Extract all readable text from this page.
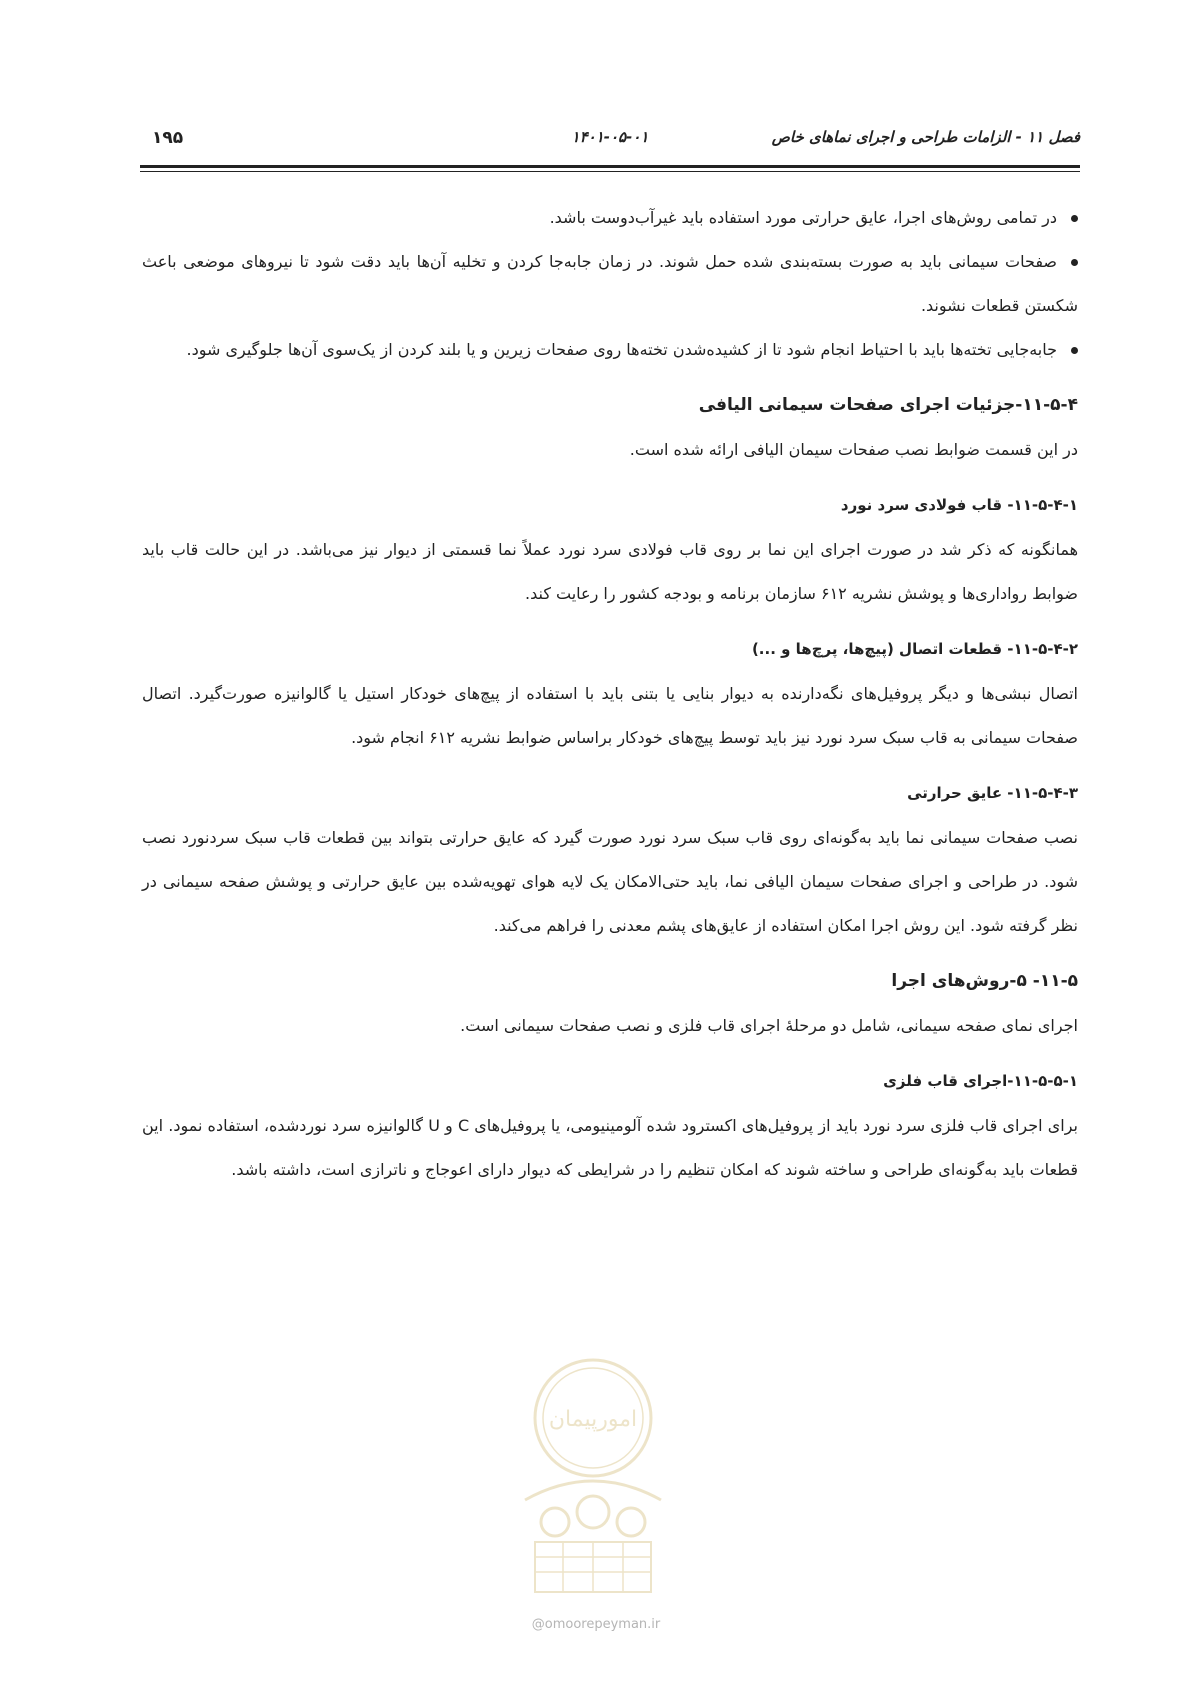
فصل ۱۱ - الزامات طراحی و اجرای نماهای خاص
۱۴۰۱-۰۵-۰۱
۱۹۵

در تمامی روش‌های اجرا، عایق حرارتی مورد استفاده باید غیرآب‌دوست باشد.

صفحات سیمانی باید به صورت بسته‌بندی شده حمل شوند. در زمان جابه‌جا کردن و تخلیه آن‌ها باید دقت شود تا نیروهای موضعی باعث شکستن قطعات نشوند.

جابه‌جایی تخته‌ها باید با احتیاط انجام شود تا از کشیده‌شدن تخته‌ها روی صفحات زیرین و یا بلند کردن از یک‌سوی آن‌ها جلوگیری شود.

۱۱-۵-۴-جزئیات اجرای صفحات سیمانی الیافی

در این قسمت ضوابط نصب صفحات سیمان الیافی ارائه شده است.

۱۱-۵-۴-۱- قاب فولادی سرد نورد

همانگونه که ذکر شد در صورت اجرای این نما بر روی قاب فولادی سرد نورد عملاً نما قسمتی از دیوار نیز می‌باشد. در این حالت قاب باید ضوابط رواداری‌ها و پوشش نشریه ۶۱۲ سازمان برنامه و بودجه کشور را رعایت کند.

۱۱-۵-۴-۲- قطعات اتصال (پیچ‌ها، پرچ‌ها و ...)

اتصال نبشی‌ها و دیگر پروفیل‌های نگه‌دارنده به دیوار بنایی یا بتنی باید با استفاده از پیچ‌های خودکار استیل یا گالوانیزه صورت‌گیرد. اتصال صفحات سیمانی به قاب سبک سرد نورد نیز باید توسط پیچ‌های خودکار براساس ضوابط نشریه ۶۱۲ انجام شود.

۱۱-۵-۴-۳- عایق حرارتی

نصب صفحات سیمانی نما باید به‌گونه‌ای روی قاب سبک سرد نورد صورت گیرد که عایق حرارتی بتواند بین قطعات قاب سبک سردنورد نصب شود. در طراحی و اجرای صفحات سیمان الیافی نما، باید حتی‌الامکان یک لایه هوای تهویه‌شده بین عایق حرارتی و پوشش صفحه سیمانی در نظر گرفته شود. این روش اجرا امکان استفاده از عایق‌های پشم معدنی را فراهم می‌کند.

۱۱-۵- ۵-روش‌های اجرا

اجرای نمای صفحه سیمانی، شامل دو مرحلۀ اجرای قاب فلزی و نصب صفحات سیمانی است.

۱۱-۵-۵-۱-اجرای قاب فلزی

برای اجرای قاب فلزی سرد نورد باید از پروفیل‌های اکسترود شده آلومینیومی، یا پروفیل‌های C و U گالوانیزه سرد نوردشده، استفاده نمود. این قطعات باید به‌گونه‌ای طراحی و ساخته شوند که امکان تنظیم را در شرایطی که دیوار دارای اعوجاج و ناترازی است، داشته باشد.

امورپیمان
@omoorepeyman.ir
